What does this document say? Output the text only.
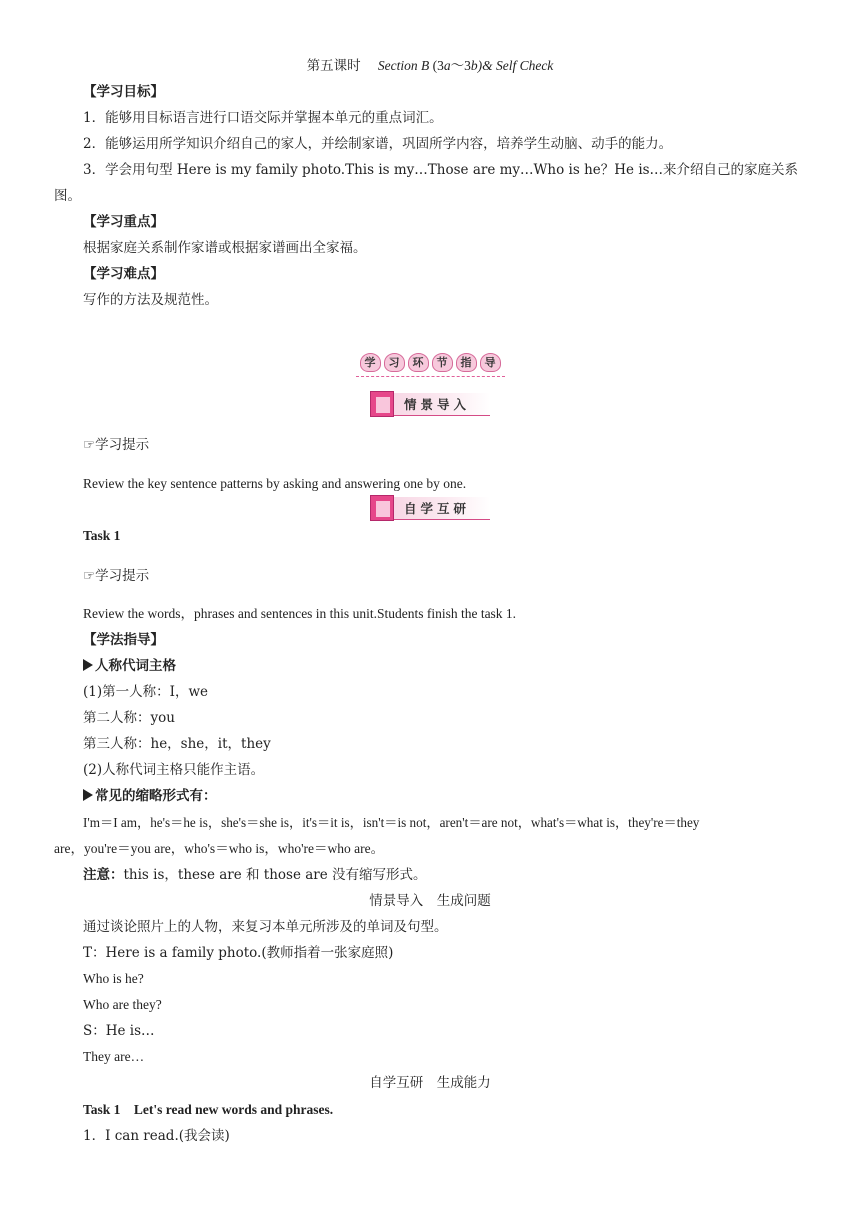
第五课时 Section B (3a～3b)& Self Check
【学习目标】
1．能够用目标语言进行口语交际并掌握本单元的重点词汇。
2．能够运用所学知识介绍自己的家人，并绘制家谱，巩固所学内容，培养学生动脑、动手的能力。
3．学会用句型 Here is my family photo.This is my…Those are my…Who is he？He is…来介绍自己的家庭关系
图。
【学习重点】
根据家庭关系制作家谱或根据家谱画出全家福。
【学习难点】
写作的方法及规范性。
学	习	环	节	指	导
情景导入
☞学习提示
Review the key sentence patterns by asking and answering one by one.
自学互研
Task 1
☞学习提示
Review the words，phrases and sentences in this unit.Students finish the task 1.
【学法指导】
人称代词主格
(1)第一人称：I，we
第二人称：you
第三人称：he，she，it，they
(2)人称代词主格只能作主语。
常见的缩略形式有：
I'm＝I am，he's＝he is，she's＝she is，it's＝it is，isn't＝is not，aren't＝are not，what's＝what is，they're＝they
are，you're＝you are，who's＝who is，who're＝who are。
注意：this is，these are 和 those are 没有缩写形式。
情景导入　生成问题
通过谈论照片上的人物，来复习本单元所涉及的单词及句型。
T：Here is a family photo.(教师指着一张家庭照)
Who is he?
Who are they?
S：He is…
They are…
自学互研　生成能力
Task 1　Let's read new words and phrases.
1．I can read.(我会读)
